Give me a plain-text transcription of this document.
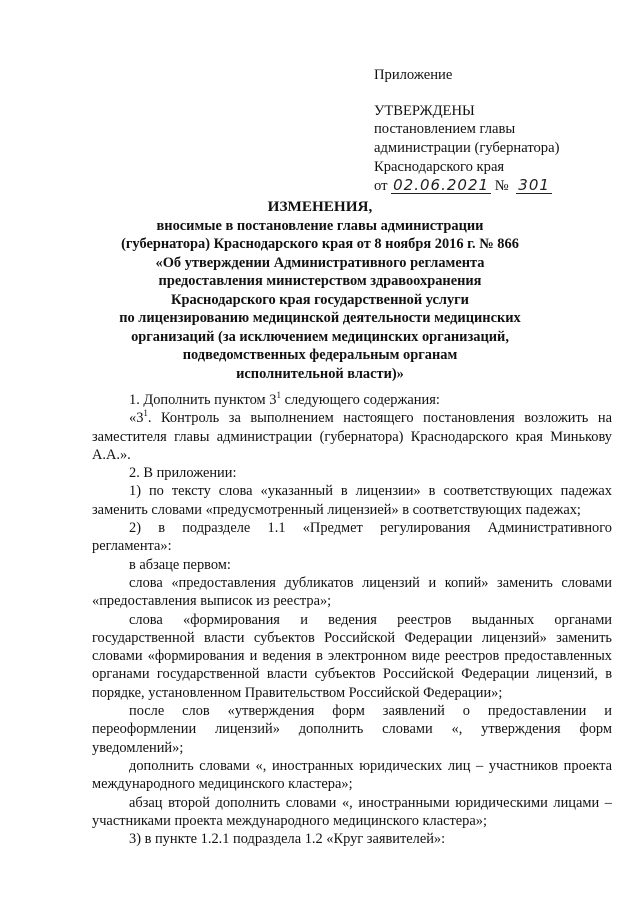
Приложение
УТВЕРЖДЕНЫ
постановлением главы
администрации (губернатора)
Краснодарского края
от 02.06.2021 № 301
ИЗМЕНЕНИЯ,
вносимые в постановление главы администрации
(губернатора) Краснодарского края от 8 ноября 2016 г. № 866
«Об утверждении Административного регламента
предоставления министерством здравоохранения
Краснодарского края государственной услуги
по лицензированию медицинской деятельности медицинских
организаций (за исключением медицинских организаций,
подведомственных федеральным органам
исполнительной власти)»

1. Дополнить пунктом $3^1$ следующего содержания:

«$3^1$. Контроль за выполнением настоящего постановления возложить на заместителя главы администрации (губернатора) Краснодарского края Минькову А.А.».

2. В приложении:

1) по тексту слова «указанный в лицензии» в соответствующих падежах заменить словами «предусмотренный лицензией» в соответствующих падежах;

2) в подразделе 1.1 «Предмет регулирования Административного регламента»:

в абзаце первом:

слова «предоставления дубликатов лицензий и копий» заменить словами «предоставления выписок из реестра»;

слова «формирования и ведения реестров выданных органами государственной власти субъектов Российской Федерации лицензий» заменить словами «формирования и ведения в электронном виде реестров предоставленных органами государственной власти субъектов Российской Федерации лицензий, в порядке, установленном Правительством Российской Федерации»;

после слов «утверждения форм заявлений о предоставлении и переоформлении лицензий» дополнить словами «, утверждения форм уведомлений»;

дополнить словами «, иностранных юридических лиц – участников проекта международного медицинского кластера»;

абзац второй дополнить словами «, иностранными юридическими лицами – участниками проекта международного медицинского кластера»;

3) в пункте 1.2.1 подраздела 1.2 «Круг заявителей»:
